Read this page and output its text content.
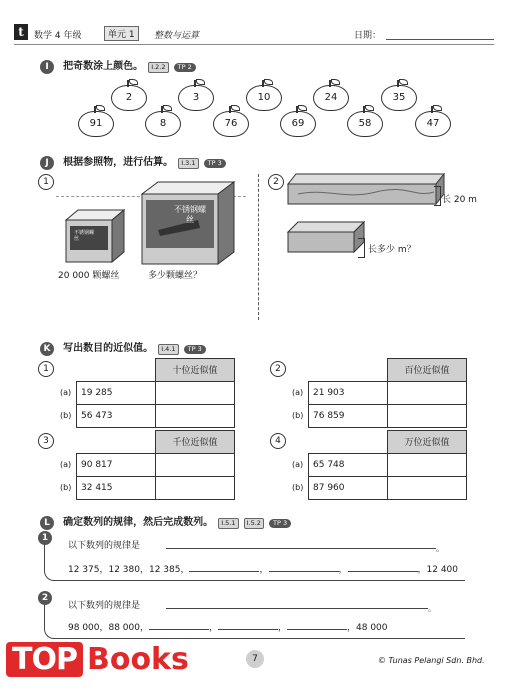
t	数学 4 年级	单元 1	整数与运算	日期：
I 把奇数涂上颜色。 I.2.2 TP 2
2	3	10	24	35
91	8	76	69	58	47
J 根据参照物，进行估算。 I.3.1 TP 3
1
不锈钢螺丝
不锈钢螺丝
20 000 颗螺丝	多少颗螺丝？
2
长 20 m
长多少 m？
K 写出数目的近似值。 I.4.1 TP 3
1
			十位近似值
(a)	19 285	
(b)	56 473	
2
			百位近似值
(a)	21 903	
(b)	76 859	
3
			千位近似值
(a)	90 817	
(b)	32 415	
4
			万位近似值
(a)	65 748	
(b)	87 960	
L 确定数列的规律，然后完成数列。 I.5.1 I.5.2 TP 3
1
以下数列的规律是	。
12 375，12 380，12 385，	，	，	，12 400
2
以下数列的规律是	。
98 000，88 000，	，	，	，48 000
TOP Books	7	© Tunas Pelangi Sdn. Bhd.
